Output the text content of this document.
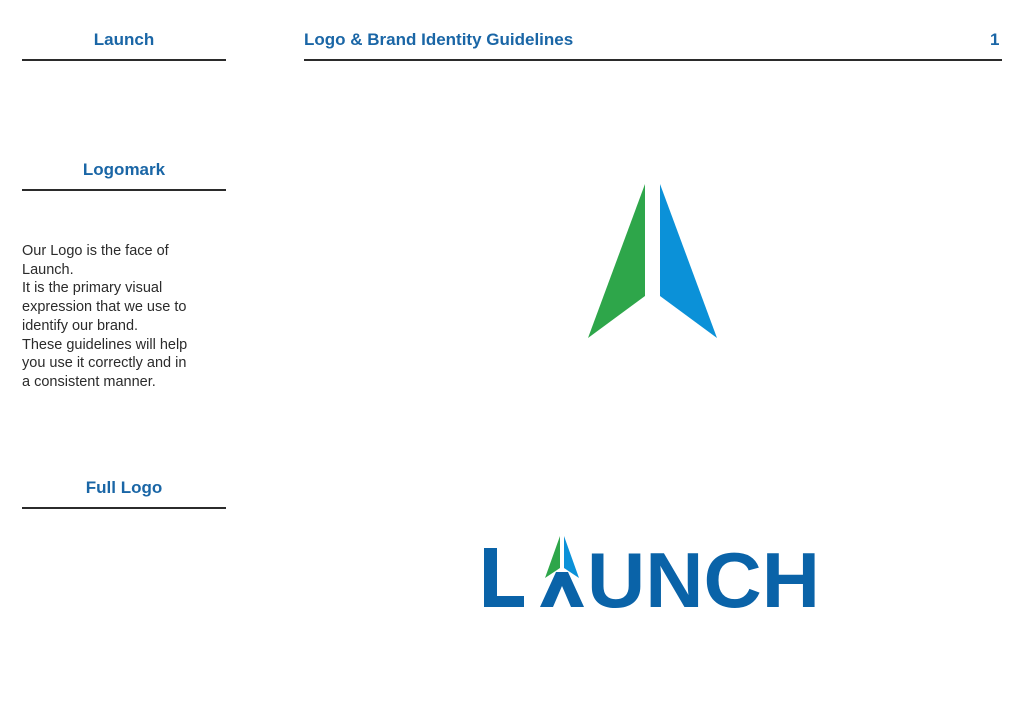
Launch	Logo & Brand Identity Guidelines	1
Logomark
Our Logo is the face of
Launch.
It is the primary visual
expression that we use to
identify our brand.
These guidelines will help
you use it correctly and in
a consistent manner.
Full Logo
UNCH
